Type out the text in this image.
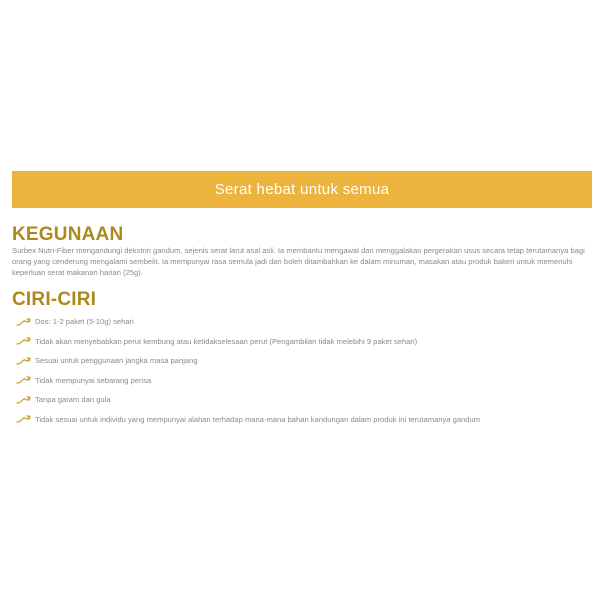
Serat hebat untuk semua
KEGUNAAN

Surbex Nutri-Fiber mengandungi dekstrin gandum, sejenis serat larut asal asli. Ia membantu mengawal dan menggalakan pergerakan usus secara tetap terutamanya bagi orang yang cenderung mengalami sembelit. Ia mempunyai rasa semula jadi dan boleh ditambahkan ke dalam minuman, masakan atau produk bakeri untuk memenuhi keperluan serat makanan harian (25g).

CIRI-CIRI
Dos: 1-2 paket (5-10g) sehari
Tidak akan menyebabkan perut kembung atau ketidakselesaan perut (Pengambilan tidak melebihi 9 paket sehari)
Sesuai untuk penggunaan jangka masa panjang
Tidak mempunyai sebarang perisa
Tanpa garam dan gula
Tidak sesuai untuk individu yang mempunyai alahan terhadap mana-mana bahan kandungan dalam produk ini terutamanya gandum
